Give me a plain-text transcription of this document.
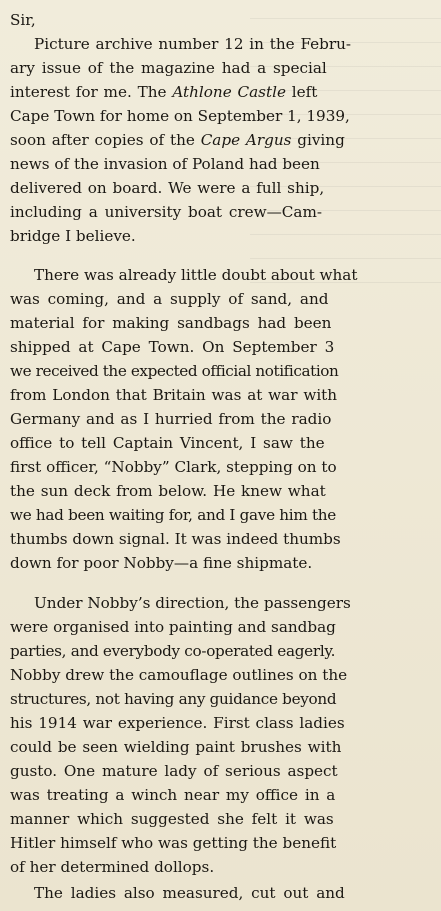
Sir,
Picture archive number 12 in the Febru-
ary issue of the magazine had a special
interest for me. The Athlone Castle left
Cape Town for home on September 1, 1939,
soon after copies of the Cape Argus giving
news of the invasion of Poland had been
delivered on board. We were a full ship,
including a university boat crew—Cam-
bridge I believe.
There was already little doubt about what
was coming, and a supply of sand, and
material for making sandbags had been
shipped at Cape Town. On September 3
we received the expected official notification
from London that Britain was at war with
Germany and as I hurried from the radio
office to tell Captain Vincent, I saw the
first officer, “Nobby” Clark, stepping on to
the sun deck from below. He knew what
we had been waiting for, and I gave him the
thumbs down signal. It was indeed thumbs
down for poor Nobby—a fine shipmate.
Under Nobby’s direction, the passengers
were organised into painting and sandbag
parties, and everybody co-operated eagerly.
Nobby drew the camouflage outlines on the
structures, not having any guidance beyond
his 1914 war experience. First class ladies
could be seen wielding paint brushes with
gusto. One mature lady of serious aspect
was treating a winch near my office in a
manner which suggested she felt it was
Hitler himself who was getting the benefit
of her determined dollops.
The ladies also measured, cut out and
